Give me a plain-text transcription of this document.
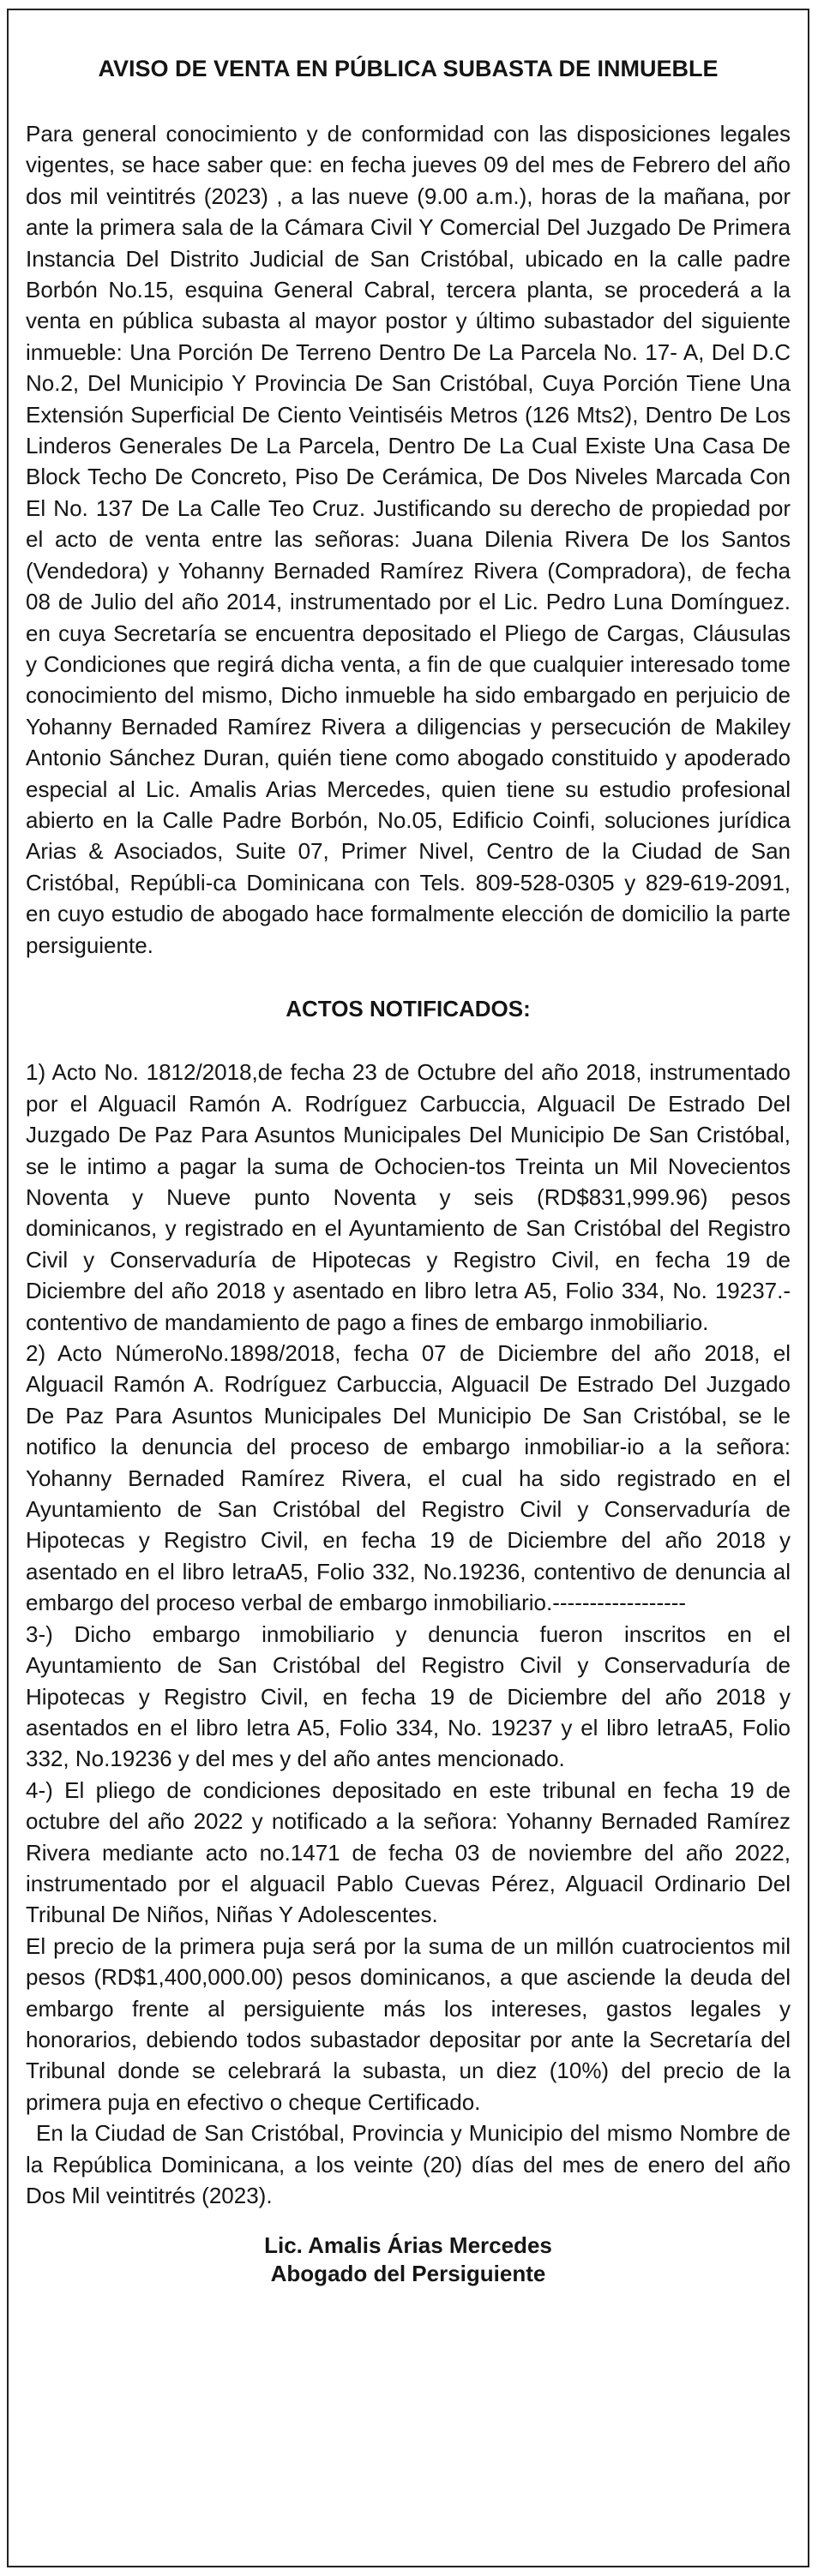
AVISO DE VENTA EN PÚBLICA SUBASTA DE INMUEBLE

Para general conocimiento y de conformidad con las disposiciones legales vigentes, se hace saber que: en fecha jueves 09 del mes de Febrero del año dos mil veintitrés (2023) , a las nueve (9.00 a.m.), horas de la mañana, por ante la primera sala de la Cámara Civil Y Comercial Del Juzgado De Primera Instancia Del Distrito Judicial de San Cristóbal, ubicado en la calle padre Borbón No.15, esquina General Cabral, tercera planta, se procederá a la venta en pública subasta al mayor postor y último subastador del siguiente inmueble: Una Porción De Terreno Dentro De La Parcela No. 17- A, Del D.C No.2, Del Municipio Y Provincia De San Cristóbal, Cuya Porción Tiene Una Extensión Superficial De Ciento Veintiséis Metros (126 Mts2), Dentro De Los Linderos Generales De La Parcela, Dentro De La Cual Existe Una Casa De Block Techo De Concreto, Piso De Cerámica, De Dos Niveles Marcada Con El No. 137 De La Calle Teo Cruz. Justificando su derecho de propiedad por el acto de venta entre las señoras: Juana Dilenia Rivera De los Santos (Vendedora) y Yohanny Bernaded Ramírez Rivera (Compradora), de fecha 08 de Julio del año 2014, instrumentado por el Lic. Pedro Luna Domínguez. en cuya Secretaría se encuentra depositado el Pliego de Cargas, Cláusulas y Condiciones que regirá dicha venta, a fin de que cualquier interesado tome conocimiento del mismo, Dicho inmueble ha sido embargado en perjuicio de Yohanny Bernaded Ramírez Rivera a diligencias y persecución de Makiley Antonio Sánchez Duran, quién tiene como abogado constituido y apoderado especial al Lic. Amalis Arias Mercedes, quien tiene su estudio profesional abierto en la Calle Padre Borbón, No.05, Edificio Coinfi, soluciones jurídica Arias & Asociados, Suite 07, Primer Nivel, Centro de la Ciudad de San Cristóbal, Repúbli-ca Dominicana con Tels. 809-528-0305 y 829-619-2091, en cuyo estudio de abogado hace formalmente elección de domicilio la parte persiguiente.

ACTOS NOTIFICADOS:

1) Acto No. 1812/2018,de fecha 23 de Octubre del año 2018, instrumentado por el Alguacil Ramón A. Rodríguez Carbuccia, Alguacil De Estrado Del Juzgado De Paz Para Asuntos Municipales Del Municipio De San Cristóbal, se le intimo a pagar la suma de Ochocien-tos Treinta un Mil Novecientos Noventa y Nueve punto Noventa y seis (RD$831,999.96) pesos dominicanos, y registrado en el Ayuntamiento de San Cristóbal del Registro Civil y Conservaduría de Hipotecas y Registro Civil, en fecha 19 de Diciembre del año 2018 y asentado en libro letra A5, Folio 334, No. 19237.-contentivo de mandamiento de pago a fines de embargo inmobiliario.

2) Acto NúmeroNo.1898/2018, fecha 07 de Diciembre del año 2018, el Alguacil Ramón A. Rodríguez Carbuccia, Alguacil De Estrado Del Juzgado De Paz Para Asuntos Municipales Del Municipio De San Cristóbal, se le notifico la denuncia del proceso de embargo inmobiliar-io a la señora: Yohanny Bernaded Ramírez Rivera, el cual ha sido registrado en el Ayuntamiento de San Cristóbal del Registro Civil y Conservaduría de Hipotecas y Registro Civil, en fecha 19 de Diciembre del año 2018 y asentado en el libro letraA5, Folio 332, No.19236, contentivo de denuncia al embargo del proceso verbal de embargo inmobiliario.------------------

3-) Dicho embargo inmobiliario y denuncia fueron inscritos en el Ayuntamiento de San Cristóbal del Registro Civil y Conservaduría de Hipotecas y Registro Civil, en fecha 19 de Diciembre del año 2018 y asentados en el libro letra A5, Folio 334, No. 19237 y el libro letraA5, Folio 332, No.19236 y del mes y del año antes mencionado.

4-) El pliego de condiciones depositado en este tribunal en fecha 19 de octubre del año 2022 y notificado a la señora: Yohanny Bernaded Ramírez Rivera mediante acto no.1471 de fecha 03 de noviembre del año 2022, instrumentado por el alguacil Pablo Cuevas Pérez, Alguacil Ordinario Del Tribunal De Niños, Niñas Y Adolescentes.

El precio de la primera puja será por la suma de un millón cuatrocientos mil pesos (RD$1,400,000.00) pesos dominicanos, a que asciende la deuda del embargo frente al persiguiente más los intereses, gastos legales y honorarios, debiendo todos subastador depositar por ante la Secretaría del Tribunal donde se celebrará la subasta, un diez (10%) del precio de la primera puja en efectivo o cheque Certificado.

En la Ciudad de San Cristóbal, Provincia y Municipio del mismo Nombre de la República Dominicana, a los veinte (20) días del mes de enero del año Dos Mil veintitrés (2023).

Lic. Amalis Árias Mercedes
Abogado del Persiguiente
